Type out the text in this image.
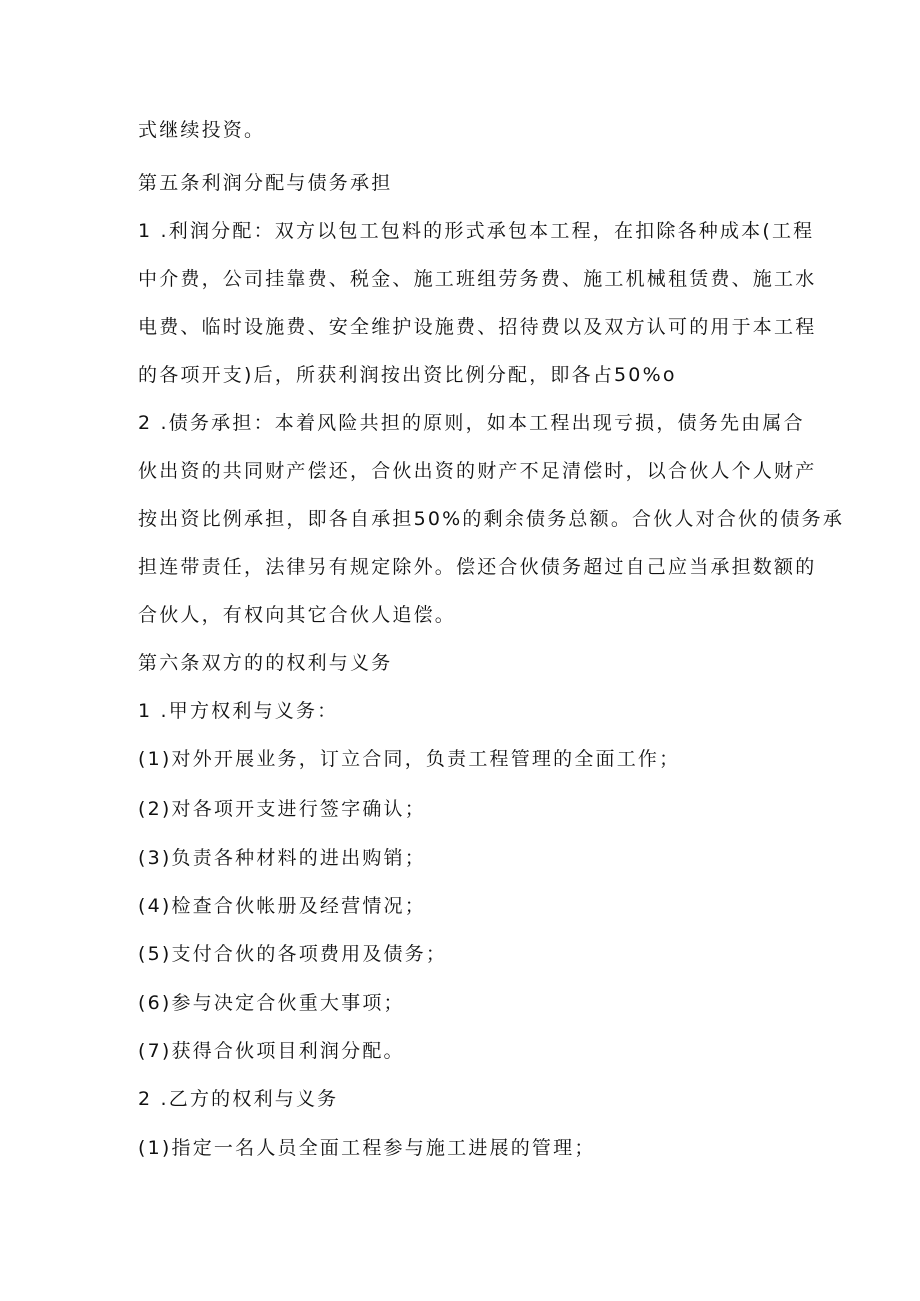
式继续投资。
第五条利润分配与债务承担
1 .利润分配：双方以包工包料的形式承包本工程，在扣除各种成本(工程
中介费，公司挂靠费、税金、施工班组劳务费、施工机械租赁费、施工水
电费、临时设施费、安全维护设施费、招待费以及双方认可的用于本工程
的各项开支)后，所获利润按出资比例分配，即各占50%o
2 .债务承担：本着风险共担的原则，如本工程出现亏损，债务先由属合
伙出资的共同财产偿还，合伙出资的财产不足清偿时，以合伙人个人财产
按出资比例承担，即各自承担50%的剩余债务总额。合伙人对合伙的债务承
担连带责任，法律另有规定除外。偿还合伙债务超过自己应当承担数额的
合伙人，有权向其它合伙人追偿。
第六条双方的的权利与义务
1 .甲方权利与义务：
(1)对外开展业务，订立合同，负责工程管理的全面工作；
(2)对各项开支进行签字确认；
(3)负责各种材料的进出购销；
(4)检查合伙帐册及经营情况；
(5)支付合伙的各项费用及债务；
(6)参与决定合伙重大事项；
(7)获得合伙项目利润分配。
2 .乙方的权利与义务
(1)指定一名人员全面工程参与施工进展的管理；
